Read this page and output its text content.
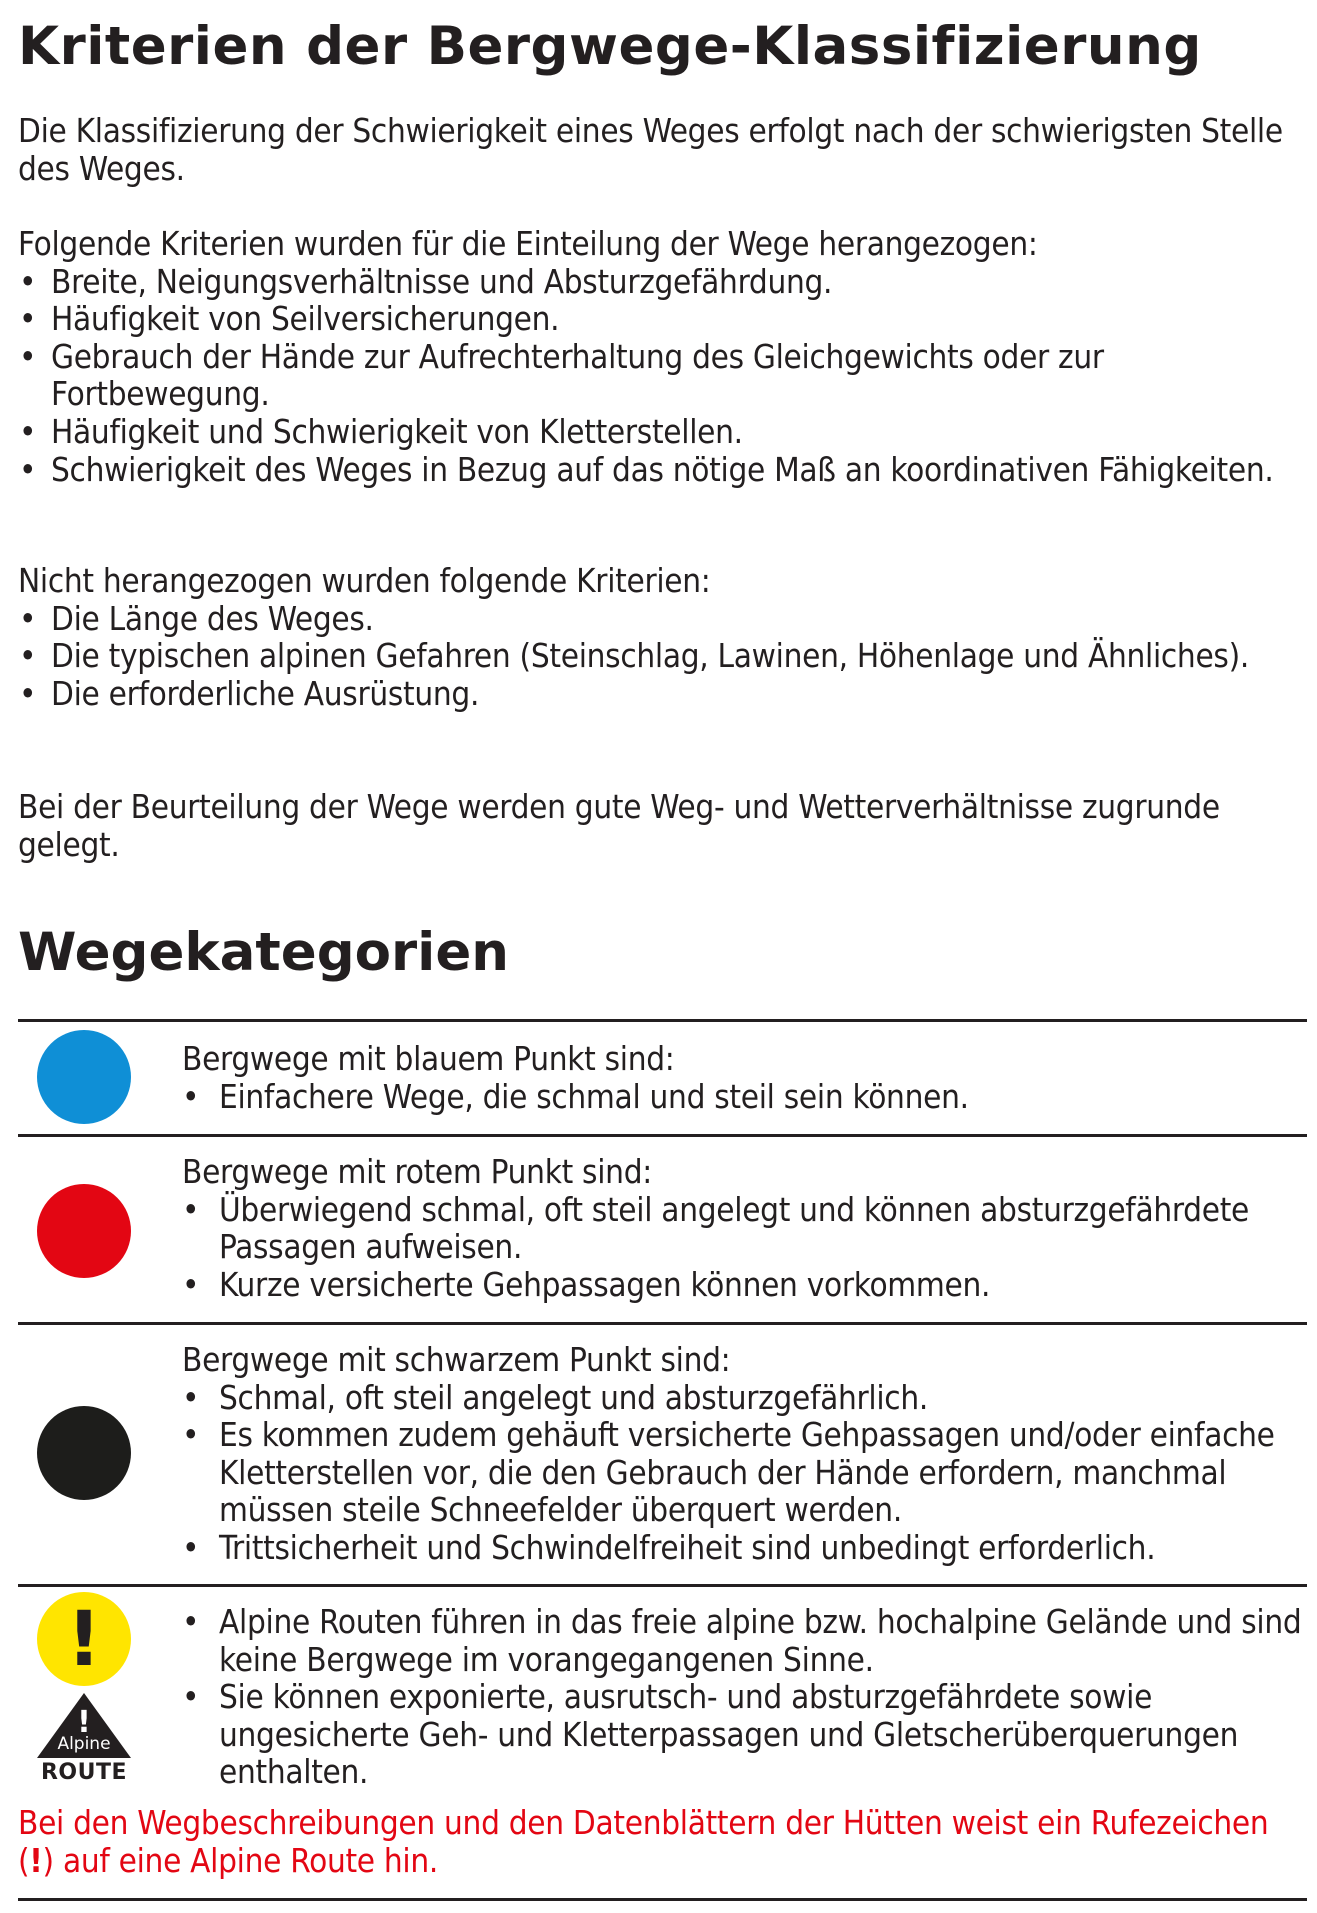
Kriterien der Bergwege-Klassifizierung
Die Klassifizierung der Schwierigkeit eines Weges erfolgt nach der schwierigsten Stelle des Weges.

Folgende Kriterien wurden für die Einteilung der Wege herangezogen:

• Breite, Neigungsverhältnisse und Absturzgefährdung.
• Häufigkeit von Seilversicherungen.
• Gebrauch der Hände zur Aufrechterhaltung des Gleichgewichts oder zur Fortbewegung.
• Häufigkeit und Schwierigkeit von Kletterstellen.
• Schwierigkeit des Weges in Bezug auf das nötige Maß an koordinativen Fähigkeiten.

Nicht herangezogen wurden folgende Kriterien:

• Die Länge des Weges.
• Die typischen alpinen Gefahren (Steinschlag, Lawinen, Höhenlage und Ähnliches).
• Die erforderliche Ausrüstung.
Bei der Beurteilung der Wege werden gute Weg- und Wetterverhältnisse zugrunde gelegt.
Wegekategorien

Bergwege mit blauem Punkt sind:

• Einfachere Wege, die schmal und steil sein können.

Bergwege mit rotem Punkt sind:

• Überwiegend schmal, oft steil angelegt und können absturzgefährdete Passagen aufweisen.
• Kurze versicherte Gehpassagen können vorkommen.

Bergwege mit schwarzem Punkt sind:

• Schmal, oft steil angelegt und absturzgefährlich.
• Es kommen zudem gehäuft versicherte Gehpassagen und/oder einfache Kletterstellen vor, die den Gebrauch der Hände erfordern, manchmal müssen steile Schneefelder überquert werden.
• Trittsicherheit und Schwindelfreiheit sind unbedingt erforderlich.
!
!
Alpine
ROUTE
• Alpine Routen führen in das freie alpine bzw. hochalpine Gelände und sind keine Bergwege im vorangegangenen Sinne.
• Sie können exponierte, ausrutsch- und absturzgefährdete sowie ungesicherte Geh- und Kletterpassagen und Gletscherüberquerungen enthalten.

Bei den Wegbeschreibungen und den Datenblättern der Hütten weist ein Rufezeichen
(!) auf eine Alpine Route hin.
